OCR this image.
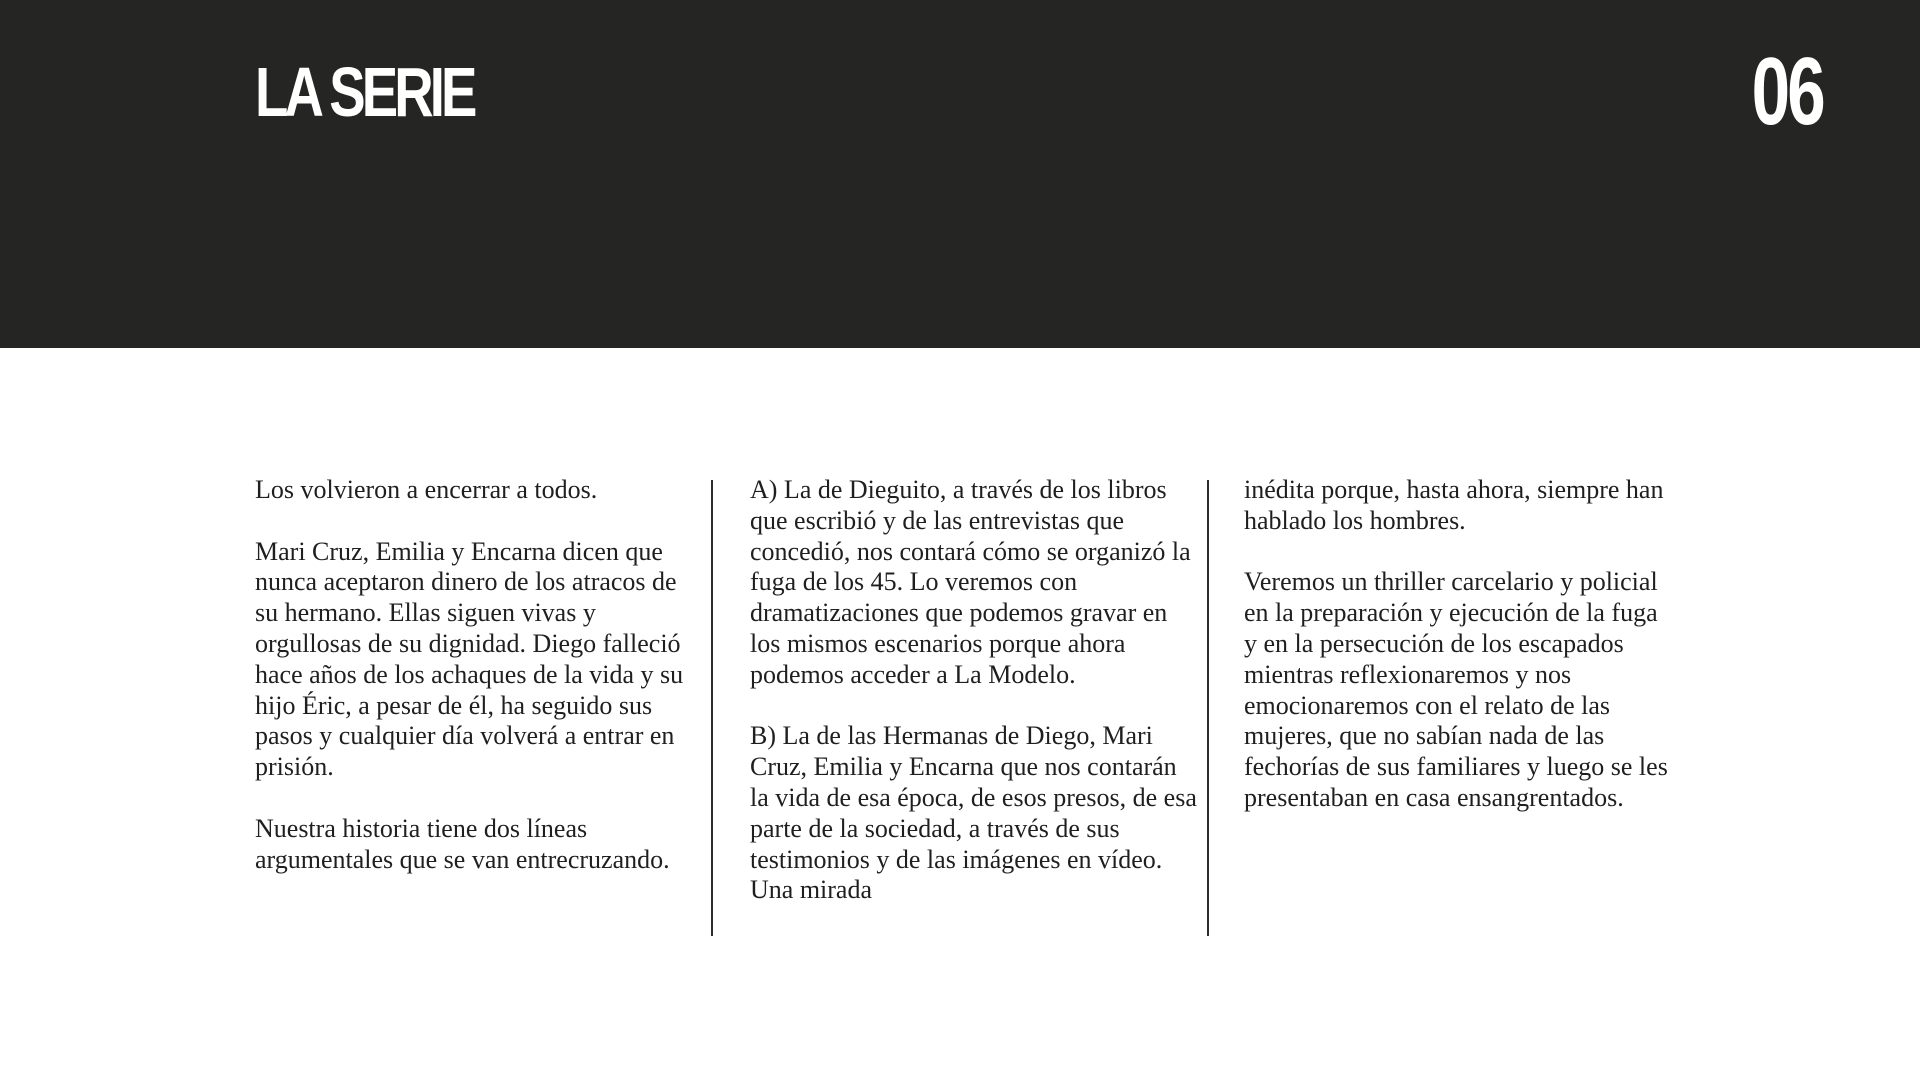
LA SERIE	06

Los volvieron a encerrar a todos.

Mari Cruz, Emilia y Encarna dicen que nunca aceptaron dinero de los atracos de su hermano. Ellas siguen vivas y orgullosas de su dignidad. Diego falleció hace años de los achaques de la vida y su hijo Éric, a pesar de él, ha seguido sus pasos y cualquier día volverá a entrar en prisión.

Nuestra historia tiene dos líneas argumentales que se van entrecruzando.

A) La de Dieguito, a través de los libros que escribió y de las entrevistas que concedió, nos contará cómo se organizó la fuga de los 45. Lo veremos con dramatizaciones que podemos gravar en los mismos escenarios porque ahora podemos acceder a La Modelo.

B) La de las Hermanas de Diego, Mari Cruz, Emilia y Encarna que nos contarán la vida de esa época, de esos presos, de esa parte de la sociedad, a través de sus testimonios y de las imágenes en vídeo. Una mirada

inédita porque, hasta ahora, siempre han hablado los hombres.

Veremos un thriller carcelario y policial en la preparación y ejecución de la fuga y en la persecución de los escapados mientras reflexionaremos y nos emocionaremos con el relato de las mujeres, que no sabían nada de las fechorías de sus familiares y luego se les presentaban en casa ensangrentados.
